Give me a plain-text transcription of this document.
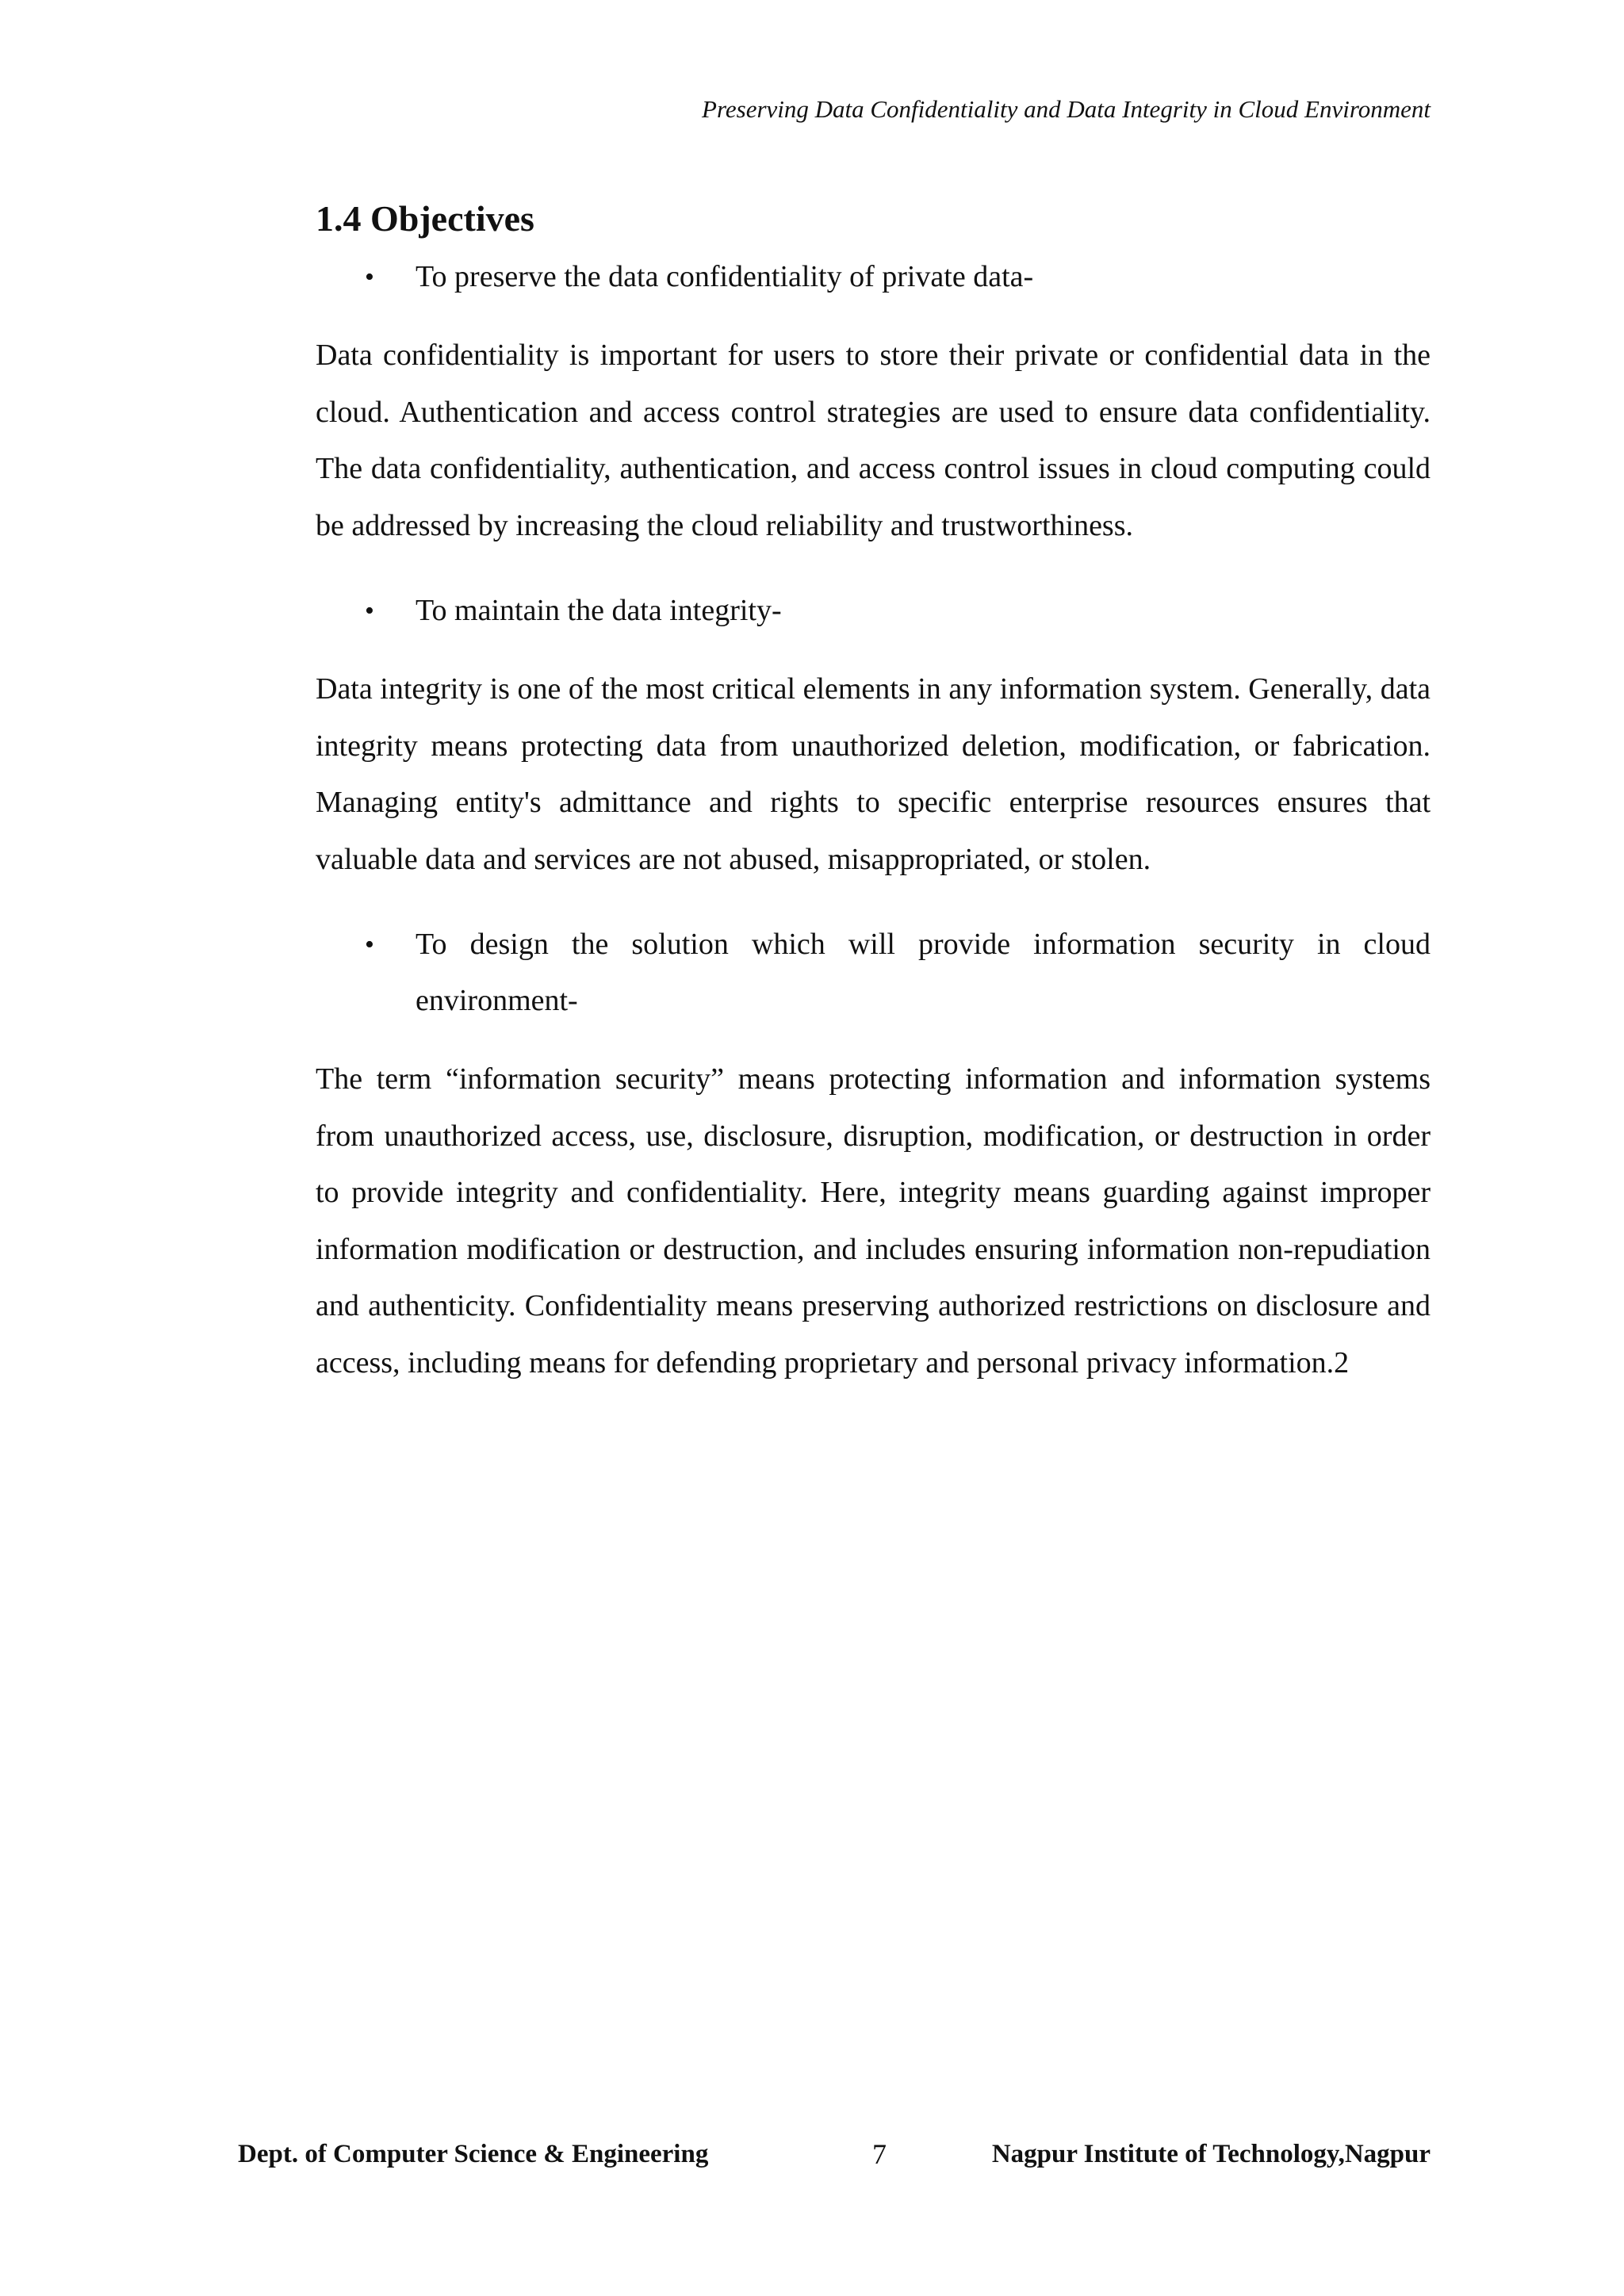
Preserving Data Confidentiality and Data Integrity in Cloud Environment
1.4 Objectives
• To preserve the data confidentiality of private data-

Data confidentiality is important for users to store their private or confidential data in the cloud. Authentication and access control strategies are used to ensure data confidentiality. The data confidentiality, authentication, and access control issues in cloud computing could be addressed by increasing the cloud reliability and trustworthiness.

• To maintain the data integrity-

Data integrity is one of the most critical elements in any information system. Generally, data integrity means protecting data from unauthorized deletion, modification, or fabrication. Managing entity's admittance and rights to specific enterprise resources ensures that valuable data and services are not abused, misappropriated, or stolen.

• To design the solution which will provide information security in cloud environment-

The term “information security” means protecting information and information systems from unauthorized access, use, disclosure, disruption, modification, or destruction in order to provide integrity and confidentiality. Here, integrity means guarding against improper information modification or destruction, and includes ensuring information non-repudiation and authenticity. Confidentiality means preserving authorized restrictions on disclosure and access, including means for defending proprietary and personal privacy information.2

Dept. of Computer Science & Engineering	7	Nagpur Institute of Technology,Nagpur
